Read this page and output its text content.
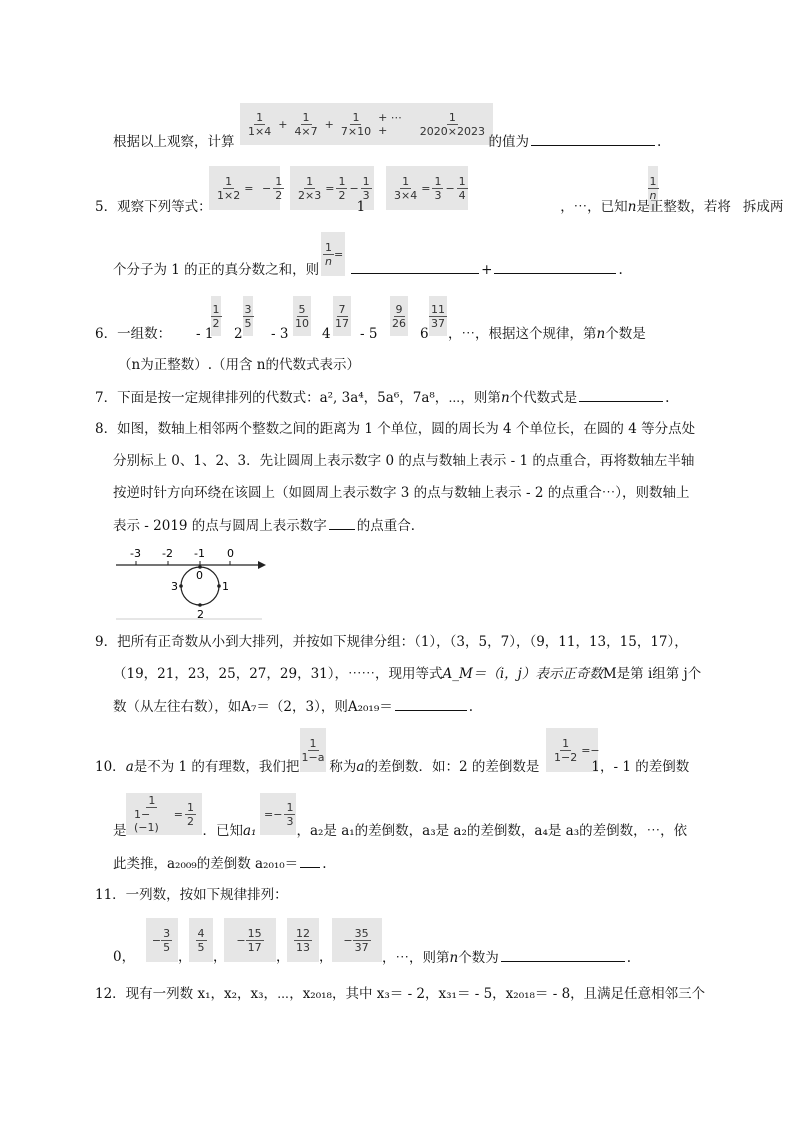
$\frac{1}{1\times 4} + \frac{1}{4\times 7} + \frac{1}{7\times 10}$ + ⋯ +	$\frac{1}{2020\times 2023}$
根据以上观察，计算	的值为	.
$\frac{1}{1\times 2}$ = − $\frac{1}{2} \frac{1}{2\times 3} = \frac{1}{2} - \frac{1}{3} \frac{1}{3\times 4} = \frac{1}{3} - \frac{1}{4}$	$\frac{1}{n}$
5．观察下列等式：	1	，⋯，已知n是正整数，若将 拆成两
$\frac{1}{n}$ =
个分子为 1 的正的真分数之和，则	+	.
$\frac{1}{2} \frac{3}{5}$	$\frac{5}{10} \frac{7}{17}$	$\frac{9}{26} \frac{11}{37}$
6．一组数： - 1 2 - 3 4 - 5	6 ，⋯，根据这个规律，第n个数是
（n为正整数）.（用含 n的代数式表示）
7．下面是按一定规律排列的代数式：a², 3a⁴，5a⁶，7a⁸，⋯，则第n个代数式是	.
8．如图，数轴上相邻两个整数之间的距离为 1 个单位，圆的周长为 4 个单位长，在圆的 4 等分点处
分别标上 0、1、2、3．先让圆周上表示数字 0 的点与数轴上表示 - 1 的点重合，再将数轴左半轴
按逆时针方向环绕在该圆上（如圆周上表示数字 3 的点与数轴上表示 - 2 的点重合⋯），则数轴上
表示 - 2019 的点与圆周上表示数字 的点重合．
-3 -2 -1 0
0
1
2
3
9．把所有正奇数从小到大排列，并按如下规律分组：（1），（3，5，7），（9，11，13，15，17），
（19，21，23，25，27，29，31），⋯⋯，现用等式A_M＝（i，j）表示正奇数M是第 i组第 j个
数（从左往右数），如A₇＝（2，3），则A₂₀₁₉＝	.
$\frac{1}{1-a}$	$\frac{1}{1-2}$ =−
10．a是不为 1 的有理数，我们把 称为a的差倒数．如：2 的差倒数是	1，- 1 的差倒数
$\frac{1}{1-(-1)} = \frac{1}{2}$	=− $\frac{1}{3}$
是	．已知a₁	，a₂是 a₁的差倒数，a₃是 a₂的差倒数，a₄是 a₃的差倒数，⋯，依
此类推，a₂₀₀₉的差倒数 a₂₀₁₀＝ .
11．一列数，按如下规律排列：
− $\frac{3}{5} \frac{4}{5}$	− $\frac{15}{17}$	$\frac{12}{13}$	− $\frac{35}{37}$
0，	， ，	， ，	，⋯，则第n个数为	.
12．现有一列数 x₁，x₂，x₃，⋯，x₂₀₁₈，其中 x₃＝ - 2，x₃₁＝ - 5，x₂₀₁₈＝ - 8，且满足任意相邻三个
